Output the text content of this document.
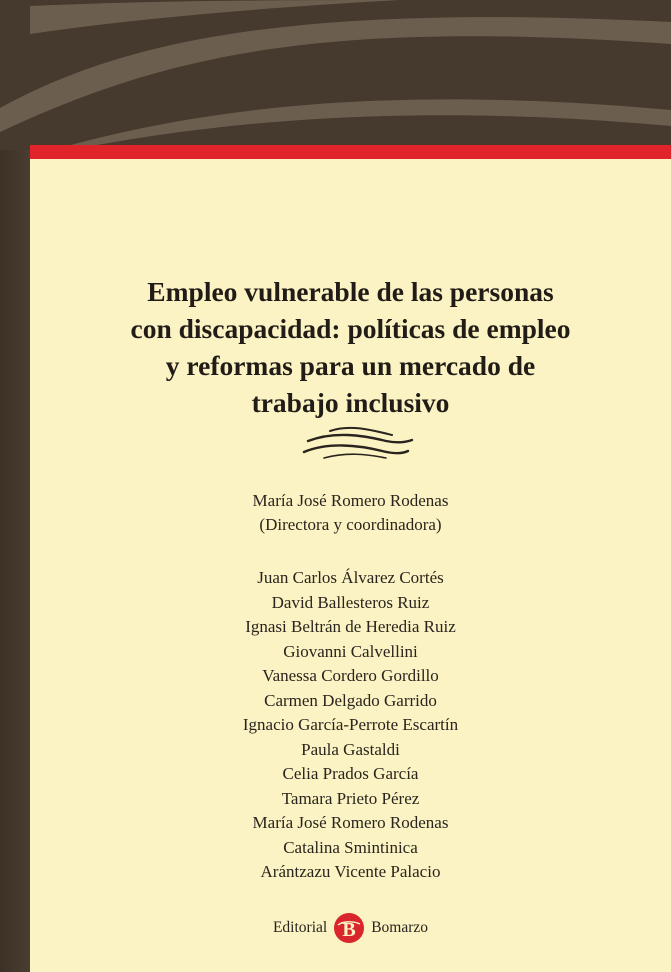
Empleo vulnerable de las personas
con discapacidad: políticas de empleo
y reformas para un mercado de
trabajo inclusivo
María José Romero Rodenas
(Directora y coordinadora)
Juan Carlos Álvarez Cortés
David Ballesteros Ruiz
Ignasi Beltrán de Heredia Ruiz
Giovanni Calvellini
Vanessa Cordero Gordillo
Carmen Delgado Garrido
Ignacio García-Perrote Escartín
Paula Gastaldi
Celia Prados García
Tamara Prieto Pérez
María José Romero Rodenas
Catalina Smintinica
Arántzazu Vicente Palacio
Editorial B Bomarzo
